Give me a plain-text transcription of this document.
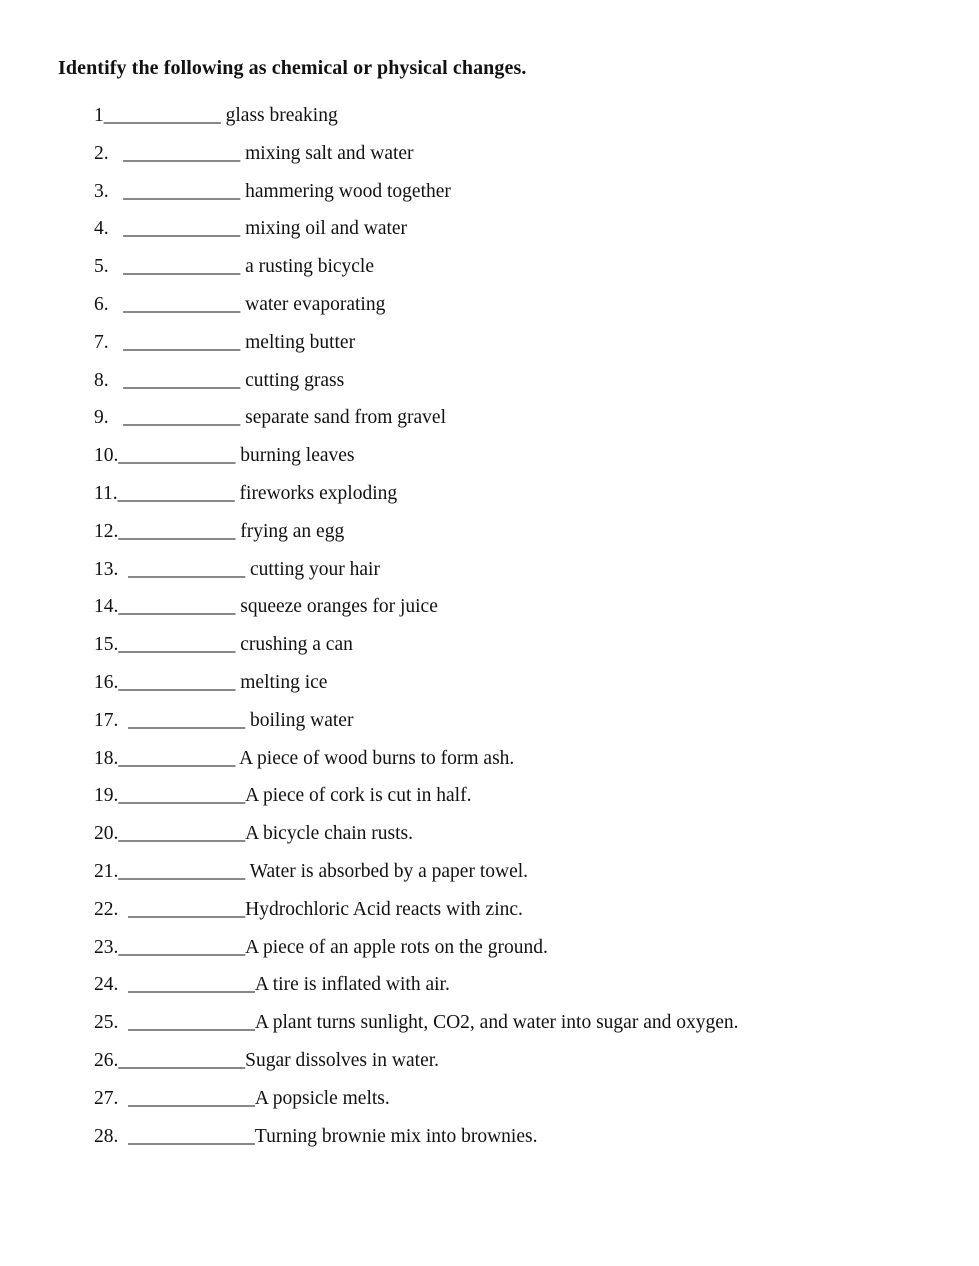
Identify the following as chemical or physical changes.
1____________ glass breaking
2.   ____________ mixing salt and water
3.   ____________ hammering wood together
4.   ____________ mixing oil and water
5.   ____________ a rusting bicycle
6.   ____________ water evaporating
7.   ____________ melting butter
8.   ____________ cutting grass
9.   ____________ separate sand from gravel
10.____________ burning leaves
11.____________ fireworks exploding
12.____________ frying an egg
13.  ____________ cutting your hair
14.____________ squeeze oranges for juice
15.____________ crushing a can
16.____________ melting ice
17.  ____________ boiling water
18.____________ A piece of wood burns to form ash.
19._____________A piece of cork is cut in half.
20._____________A bicycle chain rusts.
21._____________ Water is absorbed by a paper towel.
22.  ____________Hydrochloric Acid reacts with zinc.
23._____________A piece of an apple rots on the ground.
24.  _____________A tire is inflated with air.
25.  _____________A plant turns sunlight, CO2, and water into sugar and oxygen.
26._____________Sugar dissolves in water.
27.  _____________A popsicle melts.
28.  _____________Turning brownie mix into brownies.
